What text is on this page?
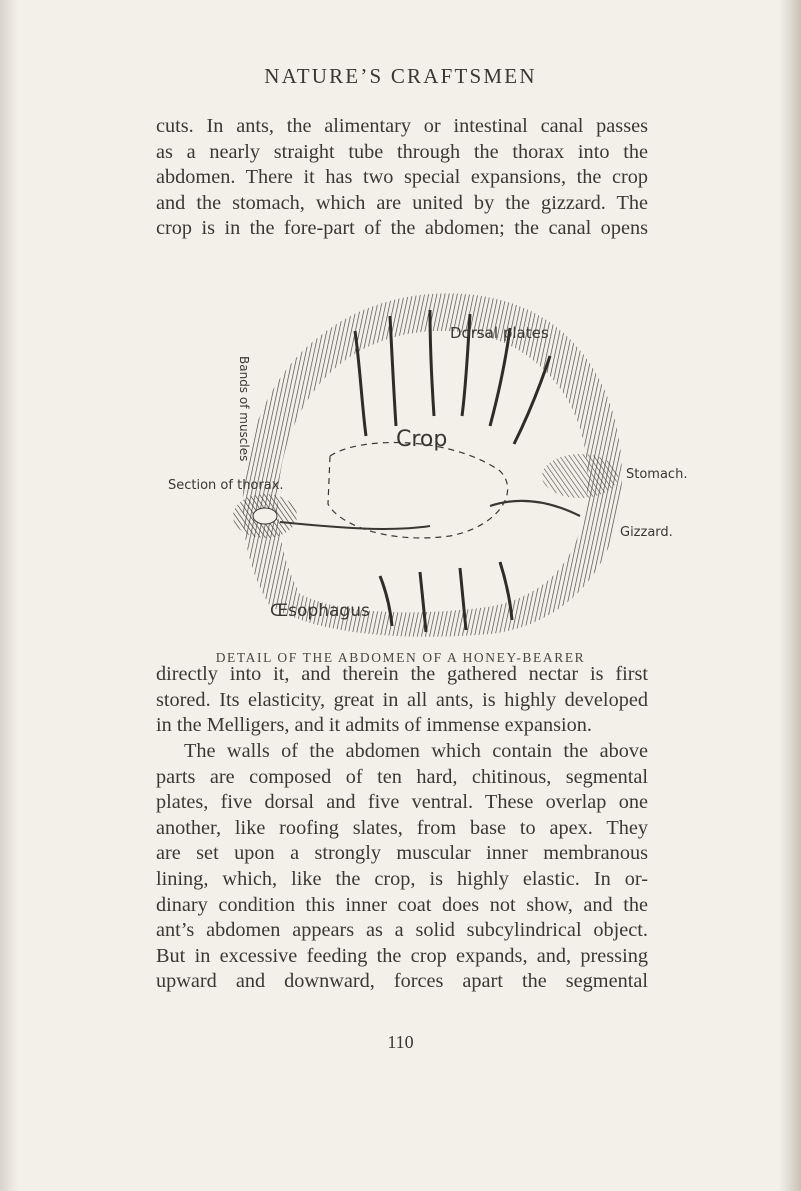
NATURE’S CRAFTSMEN
cuts. In ants, the alimentary or intestinal canal passes
as a nearly straight tube through the thorax into the
abdomen. There it has two special expansions, the crop
and the stomach, which are united by the gizzard. The
crop is in the fore-part of the abdomen; the canal opens
Dorsal plates
Crop
Section of thorax.
Bands of muscles
Stomach.
Gizzard.
Œsophagus
DETAIL OF THE ABDOMEN OF A HONEY-BEARER
directly into it, and therein the gathered nectar is first
stored. Its elasticity, great in all ants, is highly developed
in the Melligers, and it admits of immense expansion.
The walls of the abdomen which contain the above
parts are composed of ten hard, chitinous, segmental
plates, five dorsal and five ventral. These overlap one
another, like roofing slates, from base to apex. They
are set upon a strongly muscular inner membranous
lining, which, like the crop, is highly elastic. In or-
dinary condition this inner coat does not show, and the
ant’s abdomen appears as a solid subcylindrical object.
But in excessive feeding the crop expands, and, pressing
upward and downward, forces apart the segmental
110
